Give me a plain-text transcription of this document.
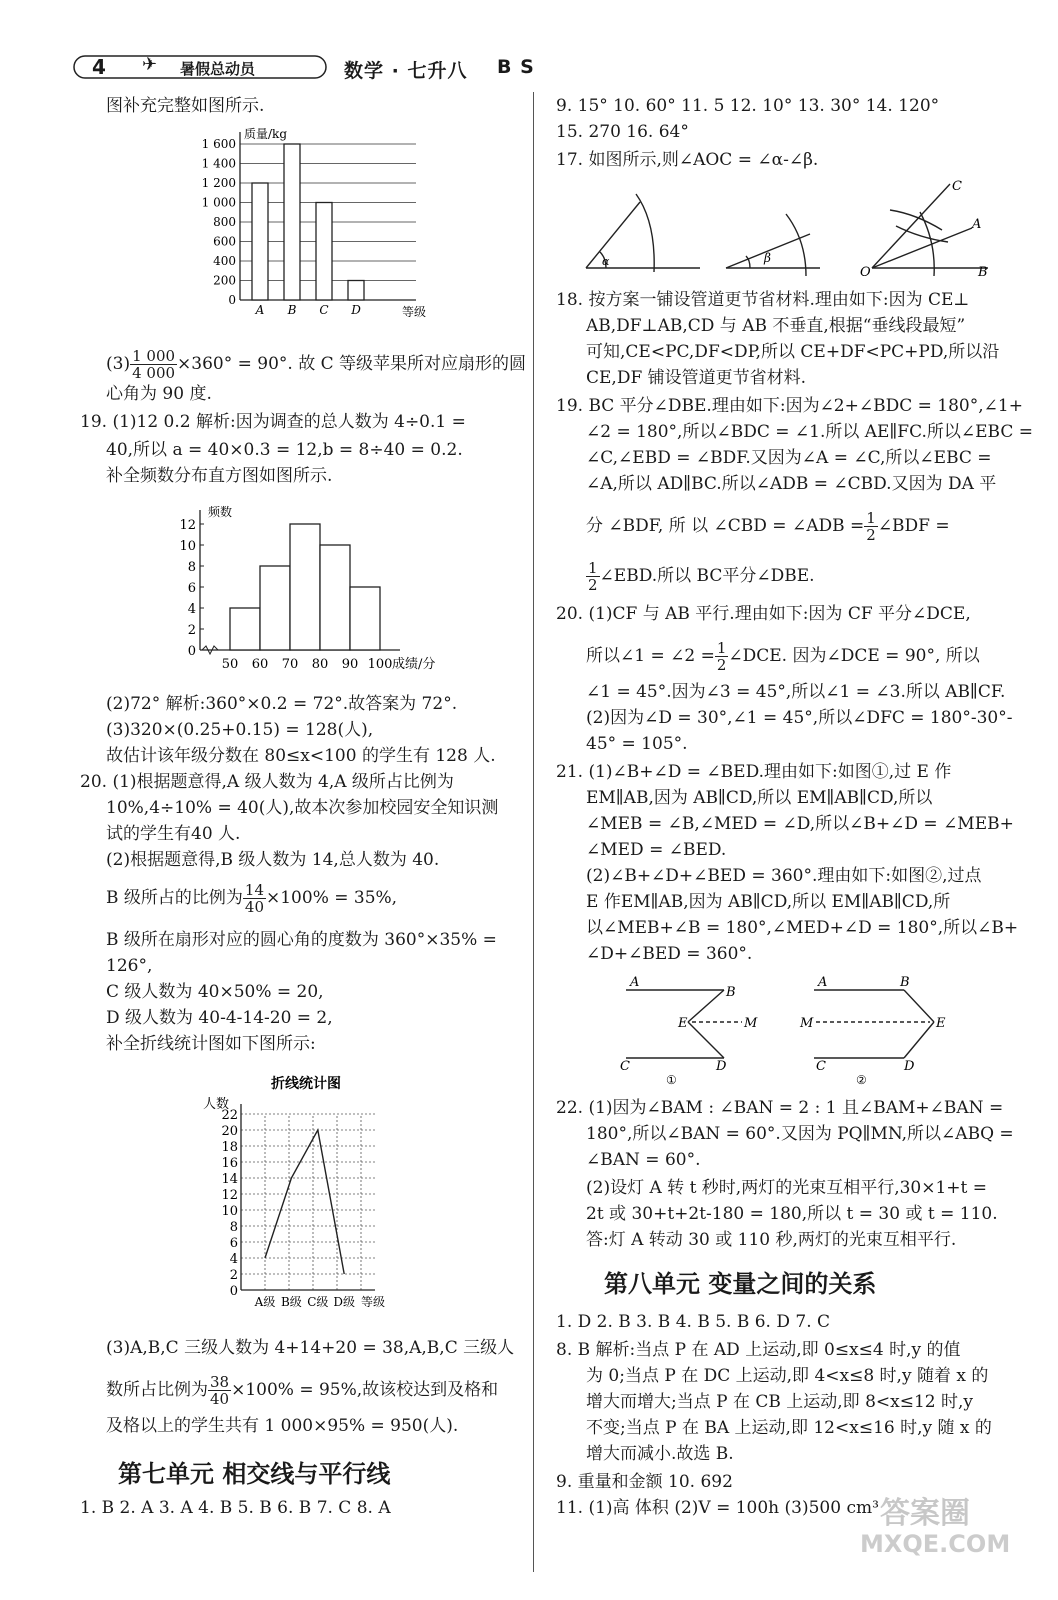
4 ✈ 暑假总动员	数学 · 七升八 B S
图补充完整如图所示.
0
200
400
600
800
1 000
1 200
1 400
1 600
质量/kg
A B C D	等级
$(3) \frac{1 000}{4 000} \times 360^\circ = 90^\circ$. 故 C 等级苹果所对应扇形的圆
心角为 90 度.
19. (1)12 0.2 解析:因为调查的总人数为 4÷0.1 =
40,所以 a = 40×0.3 = 12,b = 8÷40 = 0.2.
补全频数分布直方图如图所示.
0
2
4
6
8
10
12
频数
50 60 70 80 90 100 成绩/分
(2)72° 解析:360°×0.2 = 72°.故答案为 72°.
(3)320×(0.25+0.15) = 128(人),
故估计该年级分数在 80≤x<100 的学生有 128 人.
20. (1)根据题意得,A 级人数为 4,A 级所占比例为
10%,4÷10% = 40(人),故本次参加校园安全知识测
试的学生有40 人.
(2)根据题意得,B 级人数为 14,总人数为 40.
B 级所占的比例为 $\frac{14}{40} \times 100\% = 35\%$,
B 级所在扇形对应的圆心角的度数为 360°×35% =
126°,
C 级人数为 40×50% = 20,
D 级人数为 40-4-14-20 = 2,
补全折线统计图如下图所示:
折线统计图
0
2
4
6
8
10
12
14
16
18
20
22
人数
A级 B级 C级 D级 等级
(3)A,B,C 三级人数为 4+14+20 = 38,A,B,C 三级人
数所占比例为 $\frac{38}{40} \times 100\% = 95\%$,故该校达到及格和
及格以上的学生共有 1 000×95% = 950(人).
第七单元 相交线与平行线
1. B 2. A 3. A 4. B 5. B 6. B 7. C 8. A
9. 15° 10. 60° 11. 5 12. 10° 13. 30° 14. 120°
15. 270 16. 64°
17. 如图所示,则∠AOC = ∠α-∠β.
α	β
C
A
O	B
18. 按方案一铺设管道更节省材料.理由如下:因为 CE⊥
AB,DF⊥AB,CD 与 AB 不垂直,根据“垂线段最短”
可知,CE<PC,DF<DP,所以 CE+DF<PC+PD,所以沿
CE,DF 铺设管道更节省材料.
19. BC 平分∠DBE.理由如下:因为∠2+∠BDC = 180°,∠1+
∠2 = 180°,所以∠BDC = ∠1.所以 AE∥FC.所以∠EBC =
∠C,∠EBD = ∠BDF.又因为∠A = ∠C,所以∠EBC =
∠A,所以 AD∥BC.所以∠ADB = ∠CBD.又因为 DA 平
分 ∠BDF, 所 以 ∠CBD = ∠ADB = $\frac{1}{2}$ ∠BDF =
$\frac{1}{2}$ ∠EBD.所以 BC平分∠DBE.
20. (1)CF 与 AB 平行.理由如下:因为 CF 平分∠DCE,
所以∠1 = ∠2 = $\frac{1}{2}$ ∠DCE. 因为∠DCE = 90°, 所以
∠1 = 45°.因为∠3 = 45°,所以∠1 = ∠3.所以 AB∥CF.
(2)因为∠D = 30°,∠1 = 45°,所以∠DFC = 180°-30°-
45° = 105°.
21. (1)∠B+∠D = ∠BED.理由如下:如图①,过 E 作
EM∥AB,因为 AB∥CD,所以 EM∥AB∥CD,所以
∠MEB = ∠B,∠MED = ∠D,所以∠B+∠D = ∠MEB+
∠MED = ∠BED.
(2)∠B+∠D+∠BED = 360°.理由如下:如图②,过点
E 作EM∥AB,因为 AB∥CD,所以 EM∥AB∥CD,所
以∠MEB+∠B = 180°,∠MED+∠D = 180°,所以∠B+
∠D+∠BED = 360°.
A
B
E	M
C	D
①
A	B
M	E
C	D
②
22. (1)因为∠BAM : ∠BAN = 2 : 1 且∠BAM+∠BAN =
180°,所以∠BAN = 60°.又因为 PQ∥MN,所以∠ABQ =
∠BAN = 60°.
(2)设灯 A 转 t 秒时,两灯的光束互相平行,30×1+t =
2t 或 30+t+2t-180 = 180,所以 t = 30 或 t = 110.
答:灯 A 转动 30 或 110 秒,两灯的光束互相平行.
第八单元 变量之间的关系
1. D 2. B 3. B 4. B 5. B 6. D 7. C
8. B 解析:当点 P 在 AD 上运动,即 0≤x≤4 时,y 的值
为 0;当点 P 在 DC 上运动,即 4<x≤8 时,y 随着 x 的
增大而增大;当点 P 在 CB 上运动,即 8<x≤12 时,y
不变;当点 P 在 BA 上运动,即 12<x≤16 时,y 随 x 的
增大而减小.故选 B.
9. 重量和金额 10. 692
11. (1)高 体积 (2)V = 100h (3)500 cm³ 答案圈
MXQE.COM
